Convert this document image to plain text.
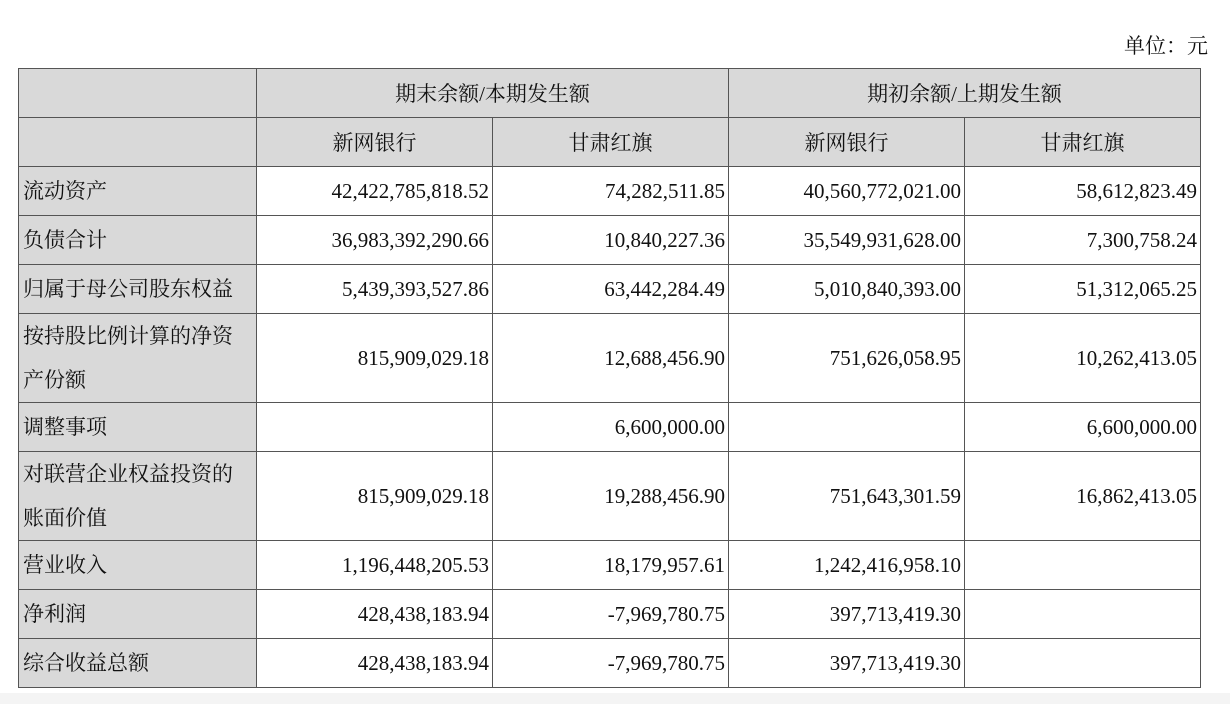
单位：元
	期末余额/本期发生额		期初余额/上期发生额	
	新网银行	甘肃红旗	新网银行	甘肃红旗
流动资产	42,422,785,818.52	74,282,511.85	40,560,772,021.00	58,612,823.49
负债合计	36,983,392,290.66	10,840,227.36	35,549,931,628.00	7,300,758.24
归属于母公司股东权益	5,439,393,527.86	63,442,284.49	5,010,840,393.00	51,312,065.25
按持股比例计算的净资产份额	815,909,029.18	12,688,456.90	751,626,058.95	10,262,413.05
调整事项		6,600,000.00		6,600,000.00
对联营企业权益投资的账面价值	815,909,029.18	19,288,456.90	751,643,301.59	16,862,413.05
营业收入	1,196,448,205.53	18,179,957.61	1,242,416,958.10	
净利润	428,438,183.94	-7,969,780.75	397,713,419.30	
综合收益总额	428,438,183.94	-7,969,780.75	397,713,419.30	
